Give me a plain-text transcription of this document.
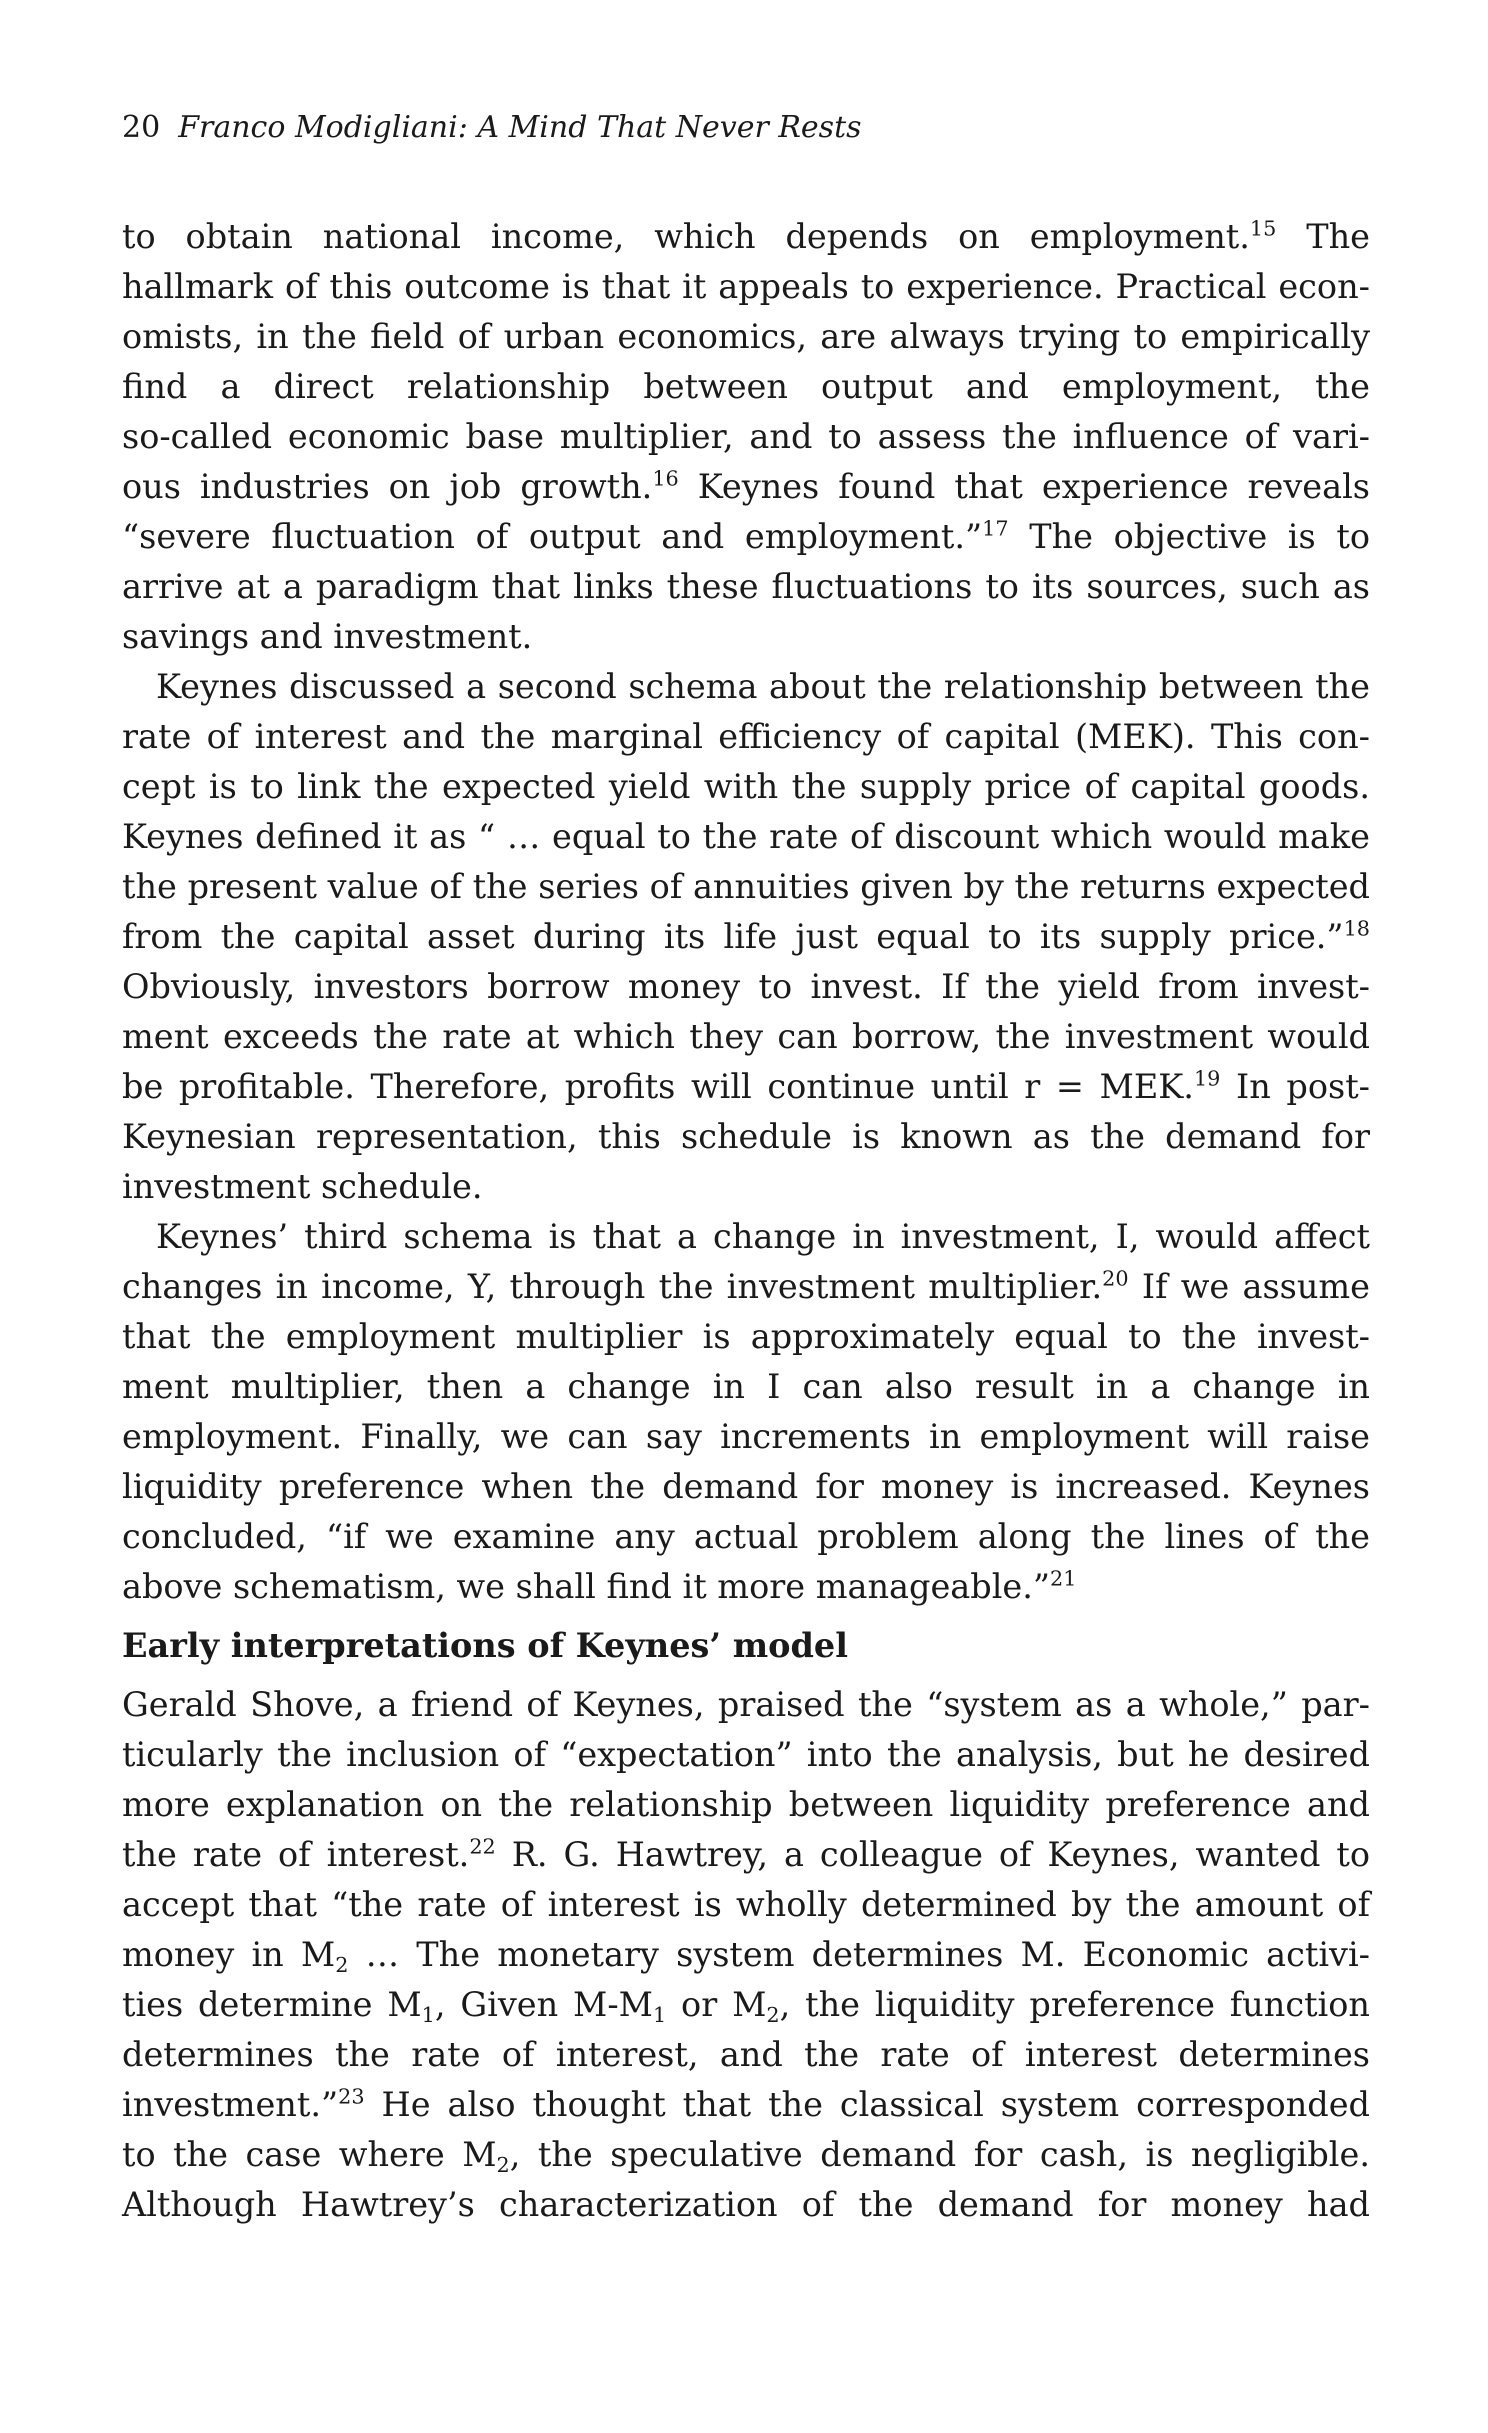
20 Franco Modigliani: A Mind That Never Rests
to obtain national income, which depends on employment.$^{15}$ The
hallmark of this outcome is that it appeals to experience. Practical econ-
omists, in the field of urban economics, are always trying to empirically
find a direct relationship between output and employment, the
so-called economic base multiplier, and to assess the influence of vari-
ous industries on job growth.$^{16}$ Keynes found that experience reveals
“severe fluctuation of output and employment.”$^{17}$ The objective is to
arrive at a paradigm that links these fluctuations to its sources, such as
savings and investment.
Keynes discussed a second schema about the relationship between the
rate of interest and the marginal efficiency of capital (MEK). This con-
cept is to link the expected yield with the supply price of capital goods.
Keynes defined it as “ … equal to the rate of discount which would make
the present value of the series of annuities given by the returns expected
from the capital asset during its life just equal to its supply price.”$^{18}$
Obviously, investors borrow money to invest. If the yield from invest-
ment exceeds the rate at which they can borrow, the investment would
be profitable. Therefore, profits will continue until r = MEK.$^{19}$ In post-
Keynesian representation, this schedule is known as the demand for
investment schedule.
Keynes’ third schema is that a change in investment, I, would affect
changes in income, Y, through the investment multiplier.$^{20}$ If we assume
that the employment multiplier is approximately equal to the invest-
ment multiplier, then a change in I can also result in a change in
employment. Finally, we can say increments in employment will raise
liquidity preference when the demand for money is increased. Keynes
concluded, “if we examine any actual problem along the lines of the
above schematism, we shall find it more manageable.”$^{21}$
Early interpretations of Keynes’ model
Gerald Shove, a friend of Keynes, praised the “system as a whole,” par-
ticularly the inclusion of “expectation” into the analysis, but he desired
more explanation on the relationship between liquidity preference and
the rate of interest.$^{22}$ R. G. Hawtrey, a colleague of Keynes, wanted to
accept that “the rate of interest is wholly determined by the amount of
money in $M_2$ … The monetary system determines M. Economic activi-
ties determine $M_1$, Given $M-M_1$ or $M_2$, the liquidity preference function
determines the rate of interest, and the rate of interest determines
investment.”$^{23}$ He also thought that the classical system corresponded
to the case where $M_2$, the speculative demand for cash, is negligible.
Although Hawtrey’s characterization of the demand for money had
